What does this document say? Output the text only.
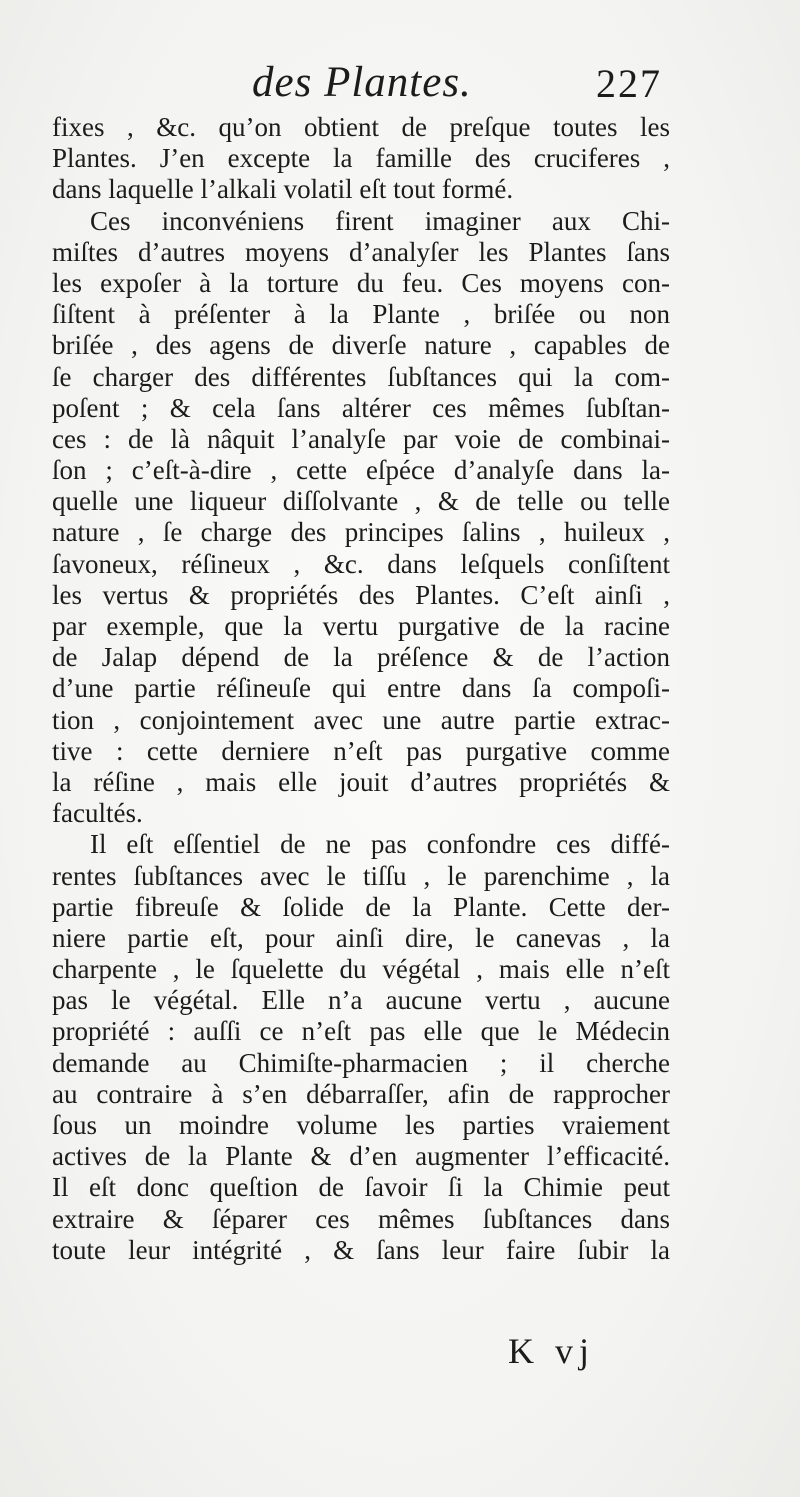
des Plantes.	227
fixes , &c. qu’on obtient de preſque toutes les
Plantes. J’en excepte la famille des cruciferes ,
dans laquelle l’alkali volatil eſt tout formé.
Ces inconvéniens firent imaginer aux Chi-
miſtes d’autres moyens d’analyſer les Plantes ſans
les expoſer à la torture du feu. Ces moyens con-
ſiſtent à préſenter à la Plante , briſée ou non
briſée , des agens de diverſe nature , capables de
ſe charger des différentes ſubſtances qui la com-
poſent ; & cela ſans altérer ces mêmes ſubſtan-
ces : de là nâquit l’analyſe par voie de combinai-
ſon ; c’eſt-à-dire , cette eſpéce d’analyſe dans la-
quelle une liqueur diſſolvante , & de telle ou telle
nature , ſe charge des principes ſalins , huileux ,
ſavoneux, réſineux , &c. dans leſquels conſiſtent
les vertus & propriétés des Plantes. C’eſt ainſi ,
par exemple, que la vertu purgative de la racine
de Jalap dépend de la préſence & de l’action
d’une partie réſineuſe qui entre dans ſa compoſi-
tion , conjointement avec une autre partie extrac-
tive : cette derniere n’eſt pas purgative comme
la réſine , mais elle jouit d’autres propriétés &
facultés.
Il eſt eſſentiel de ne pas confondre ces diffé-
rentes ſubſtances avec le tiſſu , le parenchime , la
partie fibreuſe & ſolide de la Plante. Cette der-
niere partie eſt, pour ainſi dire, le canevas , la
charpente , le ſquelette du végétal , mais elle n’eſt
pas le végétal. Elle n’a aucune vertu , aucune
propriété : auſſi ce n’eſt pas elle que le Médecin
demande au Chimiſte-pharmacien ; il cherche
au contraire à s’en débarraſſer, afin de rapprocher
ſous un moindre volume les parties vraiement
actives de la Plante & d’en augmenter l’efficacité.
Il eſt donc queſtion de ſavoir ſi la Chimie peut
extraire & ſéparer ces mêmes ſubſtances dans
toute leur intégrité , & ſans leur faire ſubir la
K vj
